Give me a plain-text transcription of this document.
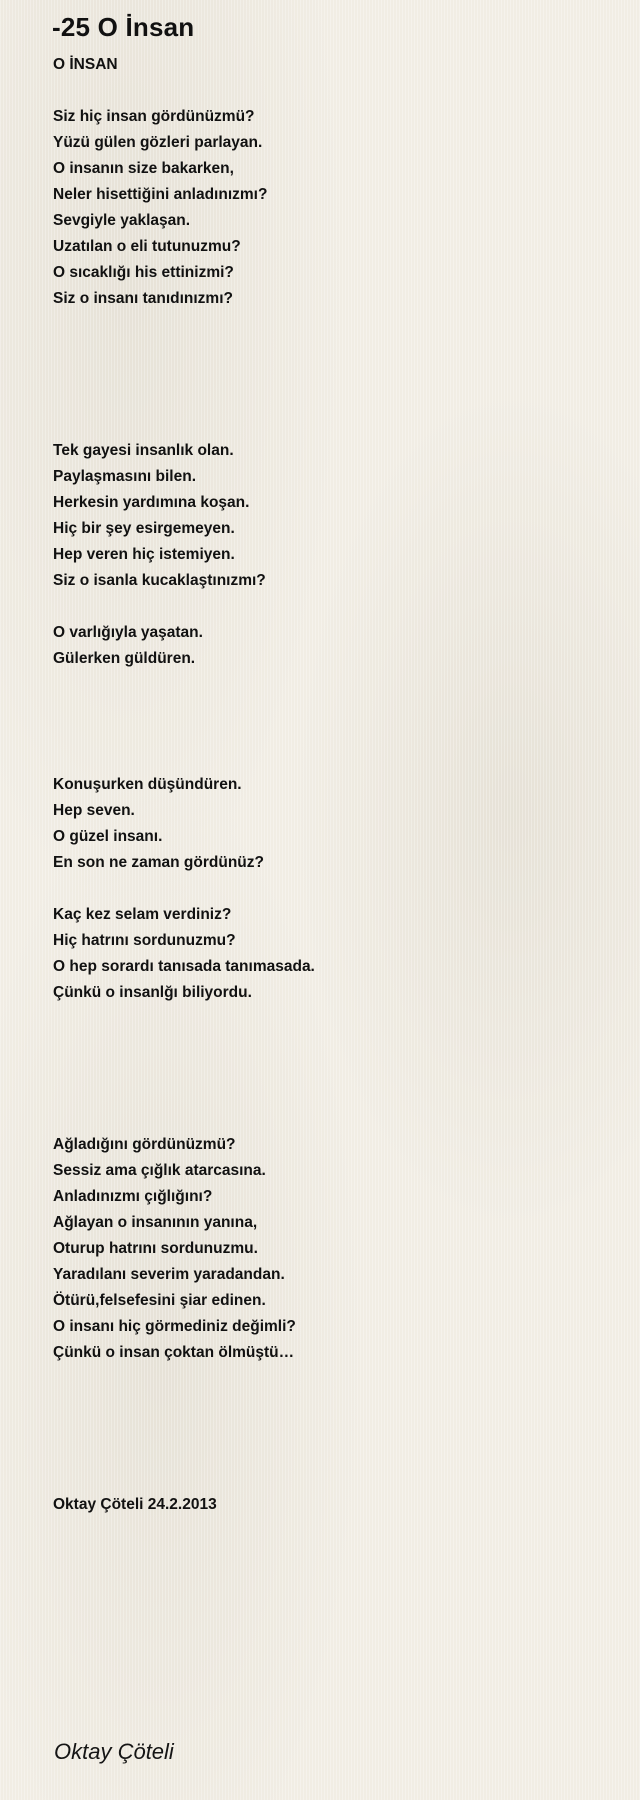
-25 O İnsan
O İNSAN
Siz hiç insan gördünüzmü?
Yüzü gülen gözleri parlayan.
O insanın size bakarken,
Neler hisettiğini anladınızmı?
Sevgiyle yaklaşan.
Uzatılan o eli tutunuzmu?
O sıcaklığı his ettinizmi?
Siz o insanı tanıdınızmı?
Tek gayesi insanlık olan.
Paylaşmasını bilen.
Herkesin yardımına koşan.
Hiç bir şey esirgemeyen.
Hep veren hiç istemiyen.
Siz o isanla kucaklaştınızmı?
O varlığıyla yaşatan.
Gülerken güldüren.
Konuşurken düşündüren.
Hep seven.
O güzel insanı.
En son ne zaman gördünüz?
Kaç kez selam verdiniz?
Hiç hatrını sordunuzmu?
O hep sorardı tanısada tanımasada.
Çünkü o insanlğı biliyordu.
Ağladığını gördünüzmü?
Sessiz ama çığlık atarcasına.
Anladınızmı çığlığını?
Ağlayan o insanının yanına,
Oturup hatrını sordunuzmu.
Yaradılanı severim yaradandan.
Ötürü,felsefesini şiar edinen.
O insanı hiç görmediniz değimli?
Çünkü o insan çoktan ölmüştü…
Oktay Çöteli 24.2.2013
Oktay Çöteli
